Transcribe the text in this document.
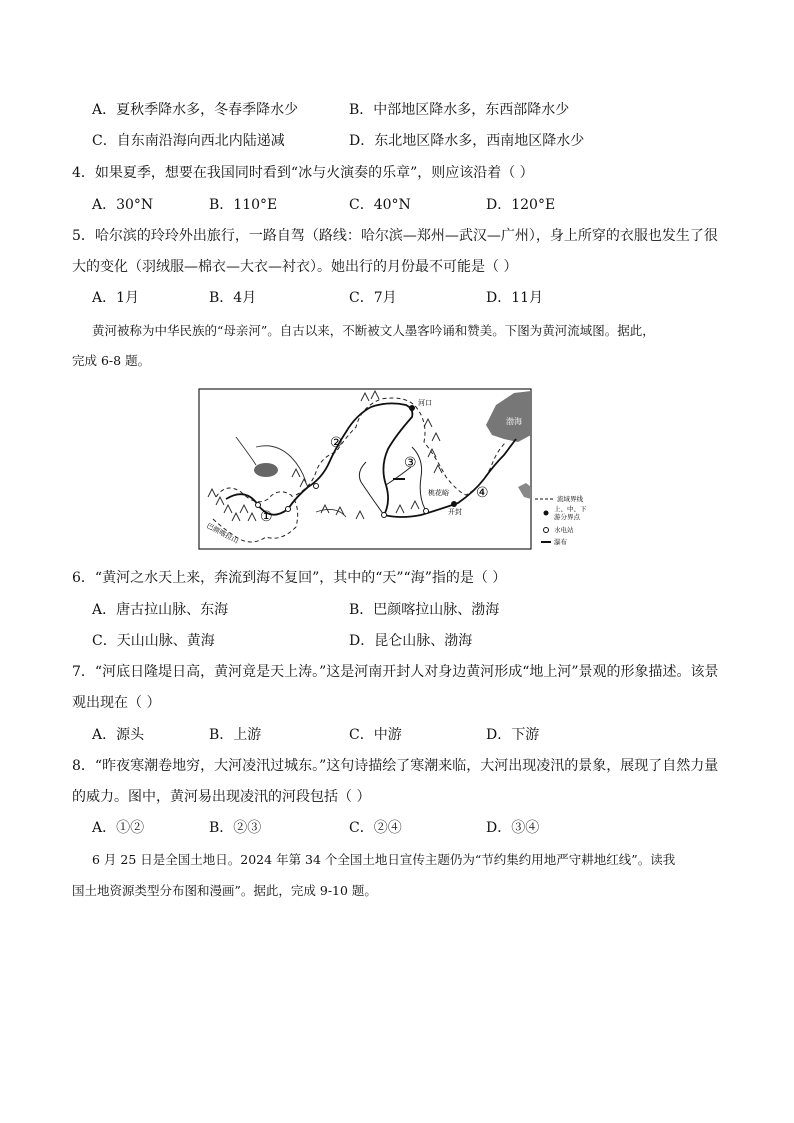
A．夏秋季降水多，冬春季降水少	B．中部地区降水多，东西部降水少
C．自东南沿海向西北内陆递减	D．东北地区降水多，西南地区降水少
4．如果夏季，想要在我国同时看到“冰与火演奏的乐章”，则应该沿着（ ）
A．30°N	B．110°E	C．40°N	D．120°E
5．哈尔滨的玲玲外出旅行，一路自驾（路线：哈尔滨—郑州—武汉—广州），身上所穿的衣服也发生了很
大的变化（羽绒服—棉衣—大衣—衬衣）。她出行的月份最不可能是（ ）
A．1月	B．4月	C．7月	D．11月
黄河被称为中华民族的“母亲河”。自古以来，不断被文人墨客吟诵和赞美。下图为黄河流域图。据此，
完成 6-8 题。
河口
渤海
桃花峪
开封
巴颜喀拉山
①
②
③
④	流域界线
上、中、下
游分界点
水电站
瀑布
6．“黄河之水天上来，奔流到海不复回”，其中的“天”“海”指的是（ ）
A．唐古拉山脉、东海	B．巴颜喀拉山脉、渤海
C．天山山脉、黄海	D．昆仑山脉、渤海
7．“河底日隆堤日高，黄河竟是天上涛。”这是河南开封人对身边黄河形成“地上河”景观的形象描述。该景
观出现在（ ）
A．源头	B．上游	C．中游	D．下游
8．“昨夜寒潮卷地穷，大河凌汛过城东。”这句诗描绘了寒潮来临，大河出现凌汛的景象，展现了自然力量
的威力。图中，黄河易出现凌汛的河段包括（ ）
A．①②	B．②③	C．②④	D．③④
6 月 25 日是全国土地日。2024 年第 34 个全国土地日宣传主题仍为“节约集约用地严守耕地红线”。读我
国土地资源类型分布图和漫画”。据此，完成 9-10 题。
